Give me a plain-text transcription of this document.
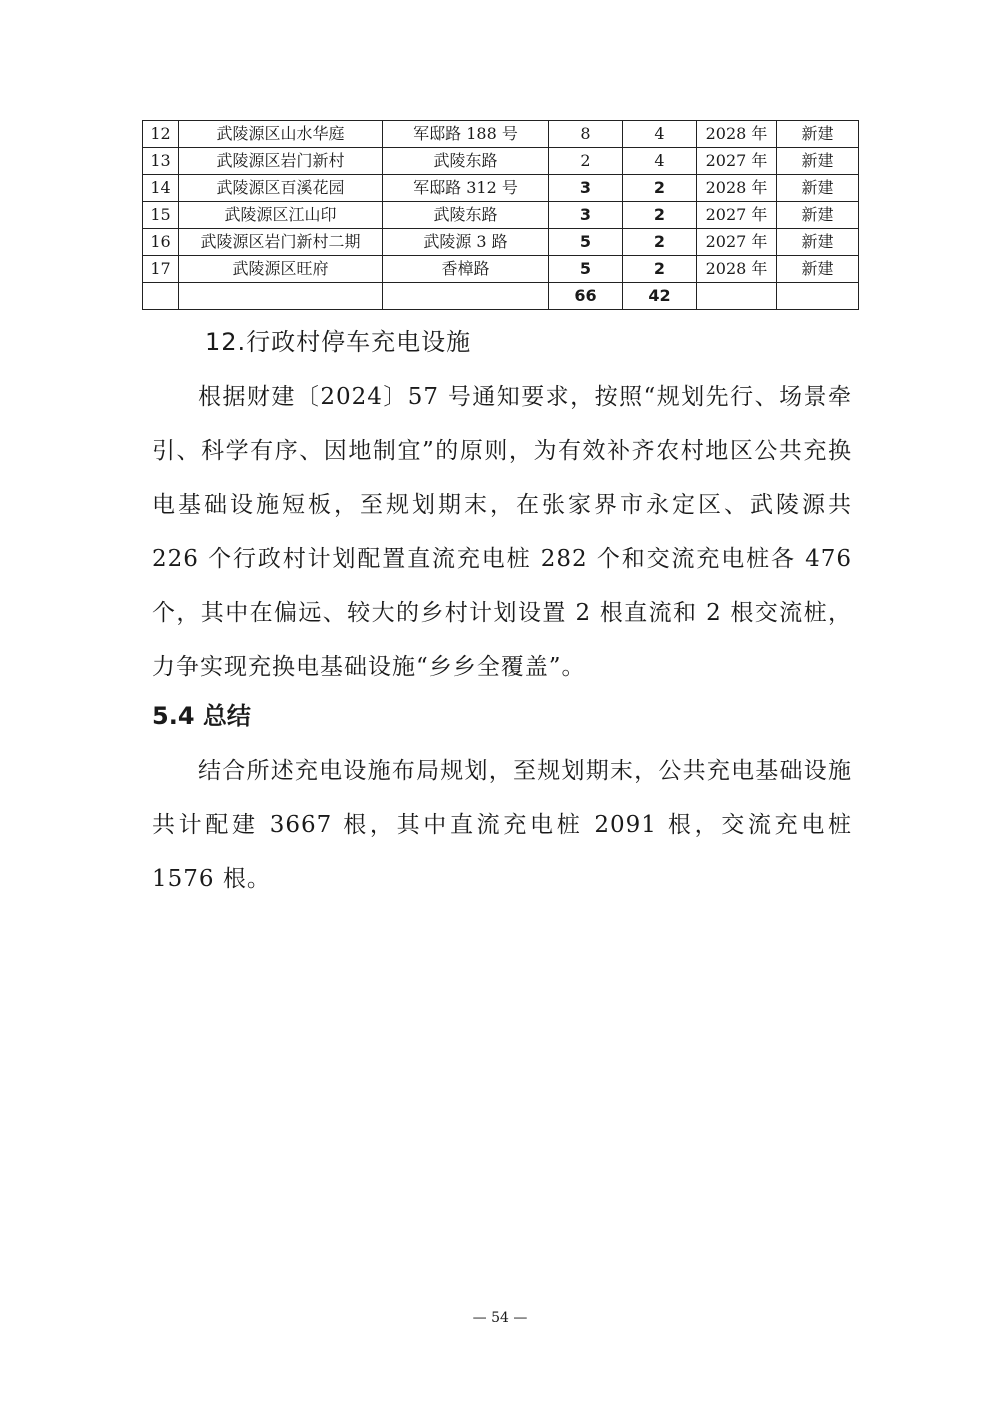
12	武陵源区山水华庭	军邸路 188 号	8	4	2028 年	新建
13	武陵源区岩门新村	武陵东路	2	4	2027 年	新建
14	武陵源区百溪花园	军邸路 312 号	3	2	2028 年	新建
15	武陵源区江山印	武陵东路	3	2	2027 年	新建
16	武陵源区岩门新村二期	武陵源 3 路	5	2	2027 年	新建
17	武陵源区旺府	香樟路	5	2	2028 年	新建
			66	42		
12.行政村停车充电设施
根据财建〔2024〕57 号通知要求，按照“规划先行、场景牵引、科学有序、因地制宜”的原则，为有效补齐农村地区公共充换电基础设施短板，至规划期末，在张家界市永定区、武陵源共 226 个行政村计划配置直流充电桩 282 个和交流充电桩各 476 个，其中在偏远、较大的乡村计划设置 2 根直流和 2 根交流桩，力争实现充换电基础设施“乡乡全覆盖”。
5.4 总结
结合所述充电设施布局规划，至规划期末，公共充电基础设施共计配建 3667 根，其中直流充电桩 2091 根，交流充电桩 1576 根。
— 54 —
